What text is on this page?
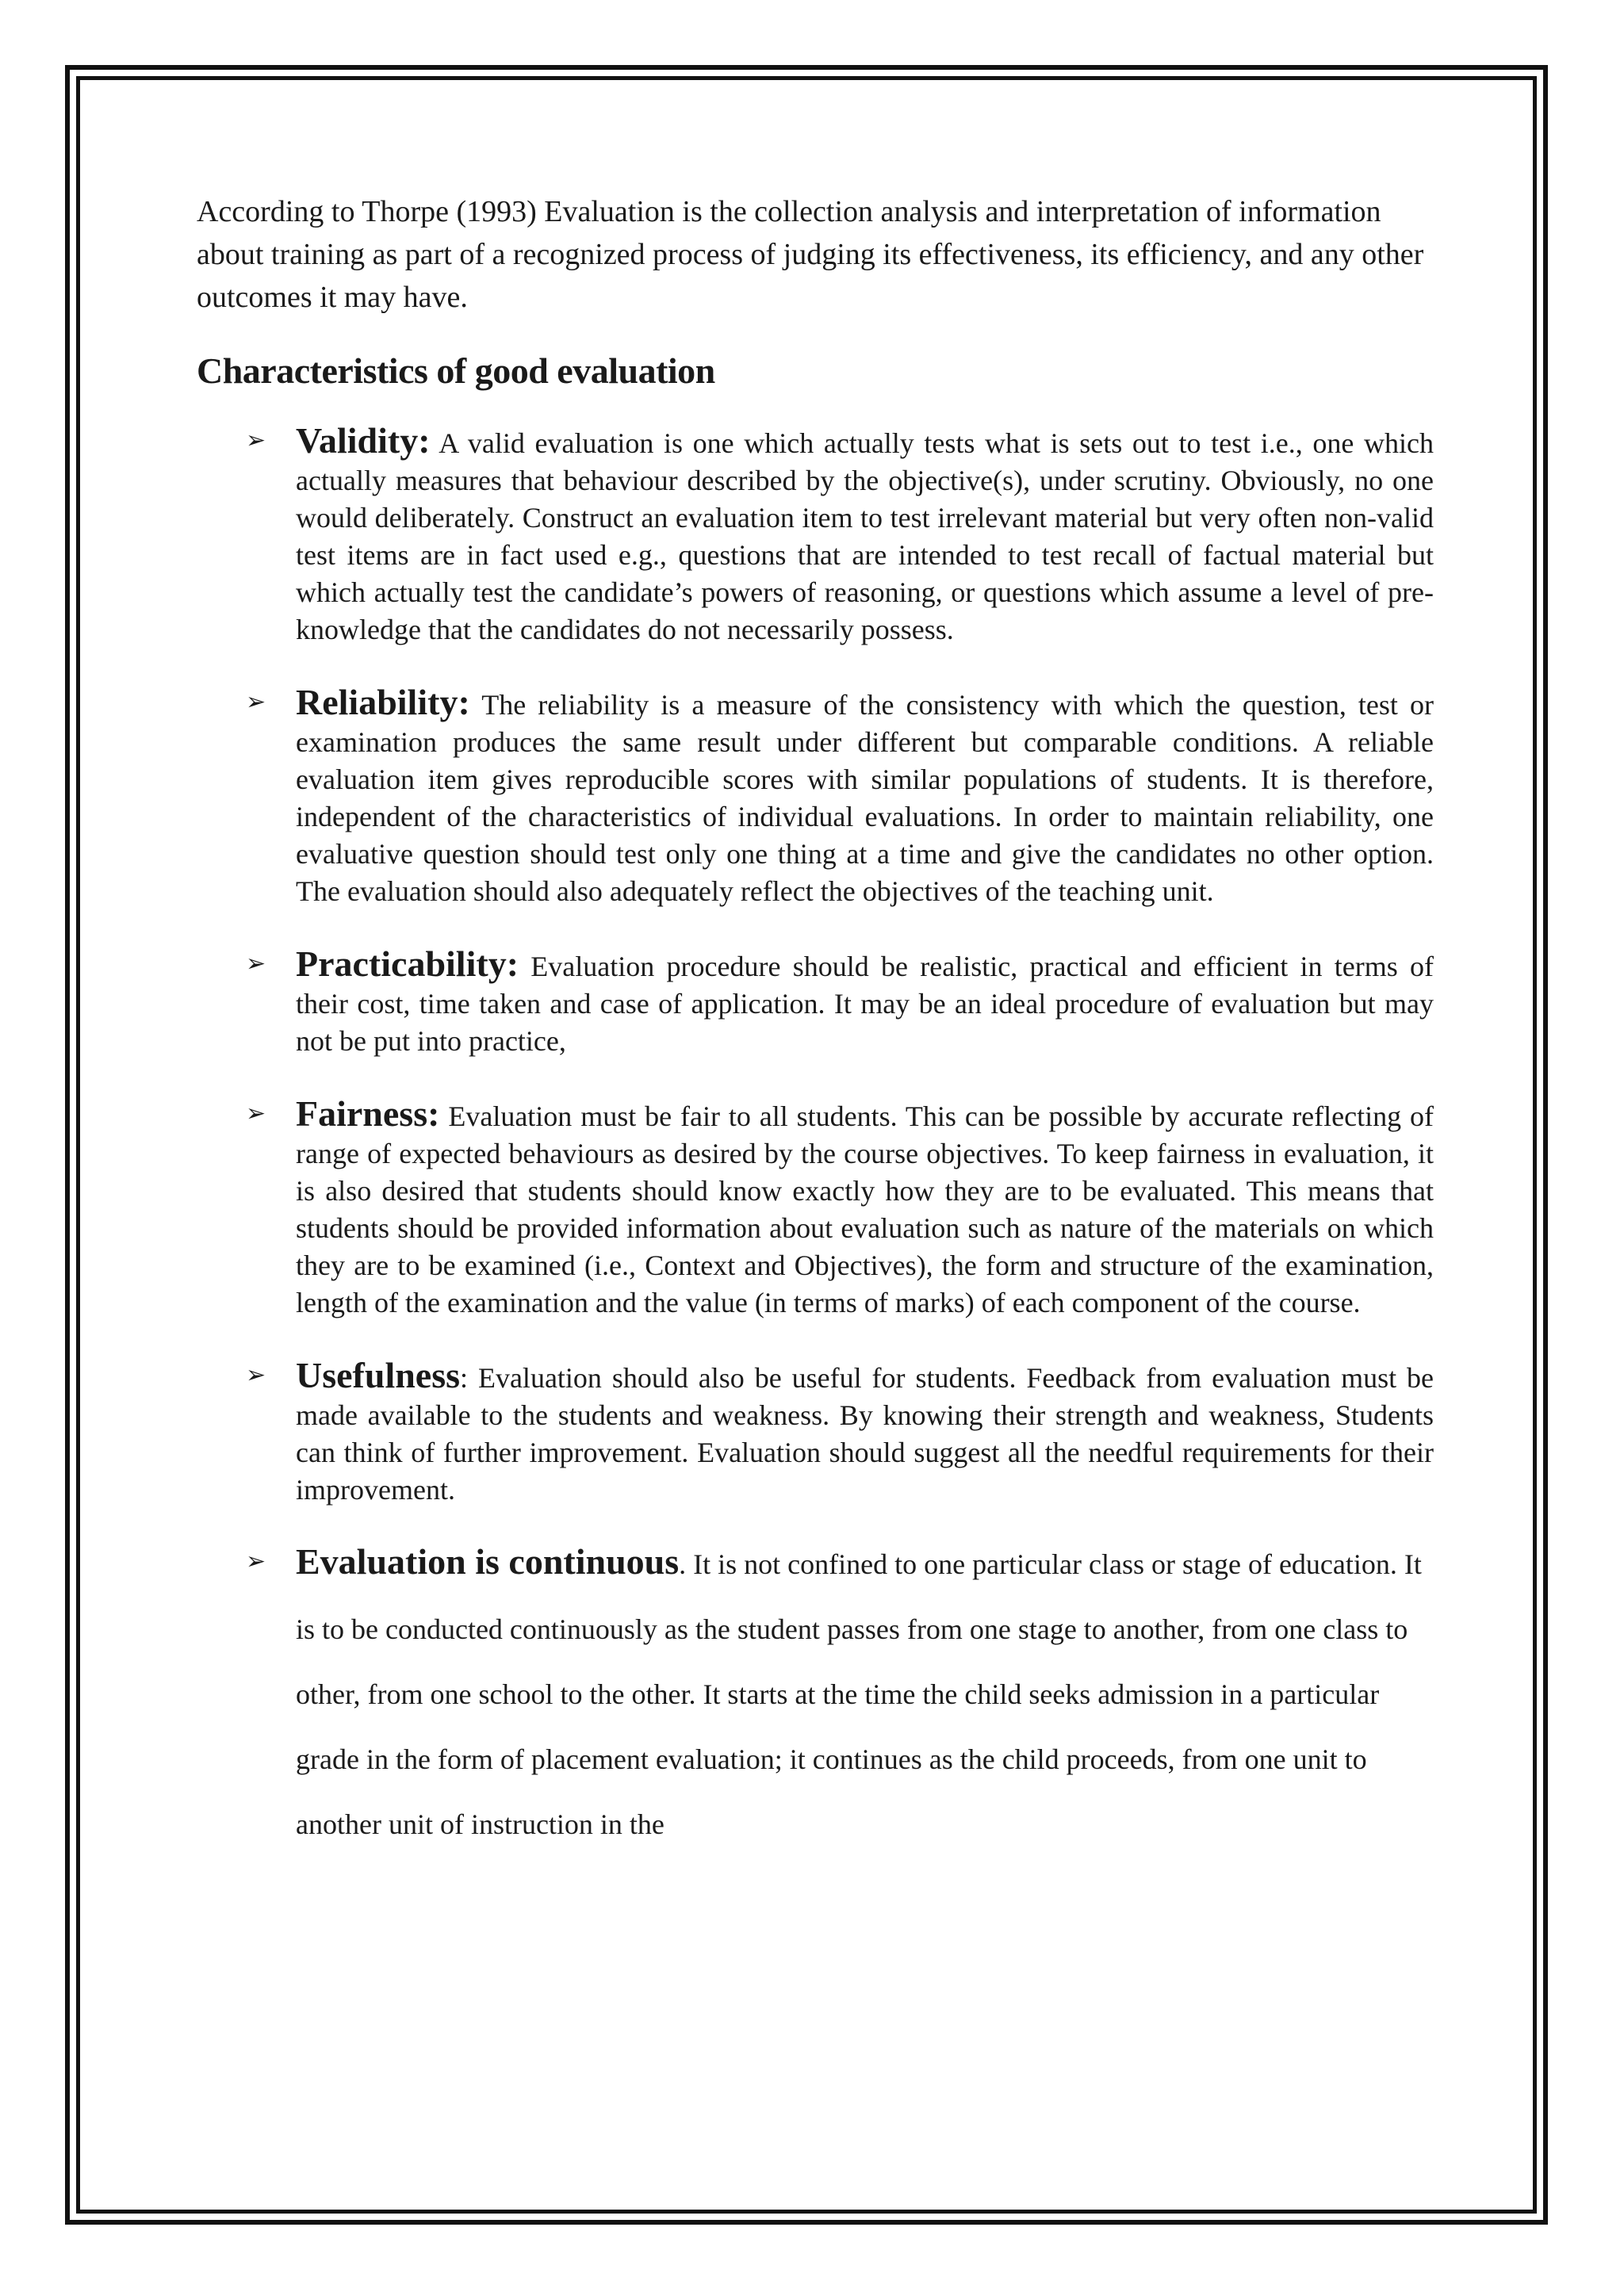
According to Thorpe (1993) Evaluation is the collection analysis and interpretation of information about training as part of a recognized process of judging its effectiveness, its efficiency, and any other outcomes it may have.

Characteristics of good evaluation
➢ Validity: A valid evaluation is one which actually tests what is sets out to test i.e., one which actually measures that behaviour described by the objective(s), under scrutiny. Obviously, no one would deliberately. Construct an evaluation item to test irrelevant material but very often non-valid test items are in fact used e.g., questions that are intended to test recall of factual material but which actually test the candidate’s powers of reasoning, or questions which assume a level of pre-knowledge that the candidates do not necessarily possess.
➢ Reliability: The reliability is a measure of the consistency with which the question, test or examination produces the same result under different but comparable conditions. A reliable evaluation item gives reproducible scores with similar populations of students. It is therefore, independent of the characteristics of individual evaluations. In order to maintain reliability, one evaluative question should test only one thing at a time and give the candidates no other option. The evaluation should also adequately reflect the objectives of the teaching unit.
➢ Practicability: Evaluation procedure should be realistic, practical and efficient in terms of their cost, time taken and case of application. It may be an ideal procedure of evaluation but may not be put into practice,
➢ Fairness: Evaluation must be fair to all students. This can be possible by accurate reflecting of range of expected behaviours as desired by the course objectives. To keep fairness in evaluation, it is also desired that students should know exactly how they are to be evaluated. This means that students should be provided information about evaluation such as nature of the materials on which they are to be examined (i.e., Context and Objectives), the form and structure of the examination, length of the examination and the value (in terms of marks) of each component of the course.
➢ Usefulness: Evaluation should also be useful for students. Feedback from evaluation must be made available to the students and weakness. By knowing their strength and weakness, Students can think of further improvement. Evaluation should suggest all the needful requirements for their improvement.
➢ Evaluation is continuous. It is not confined to one particular class or stage of education. It is to be conducted continuously as the student passes from one stage to another, from one class to other, from one school to the other. It starts at the time the child seeks admission in a particular grade in the form of placement evaluation; it continues as the child proceeds, from one unit to another unit of instruction in the
